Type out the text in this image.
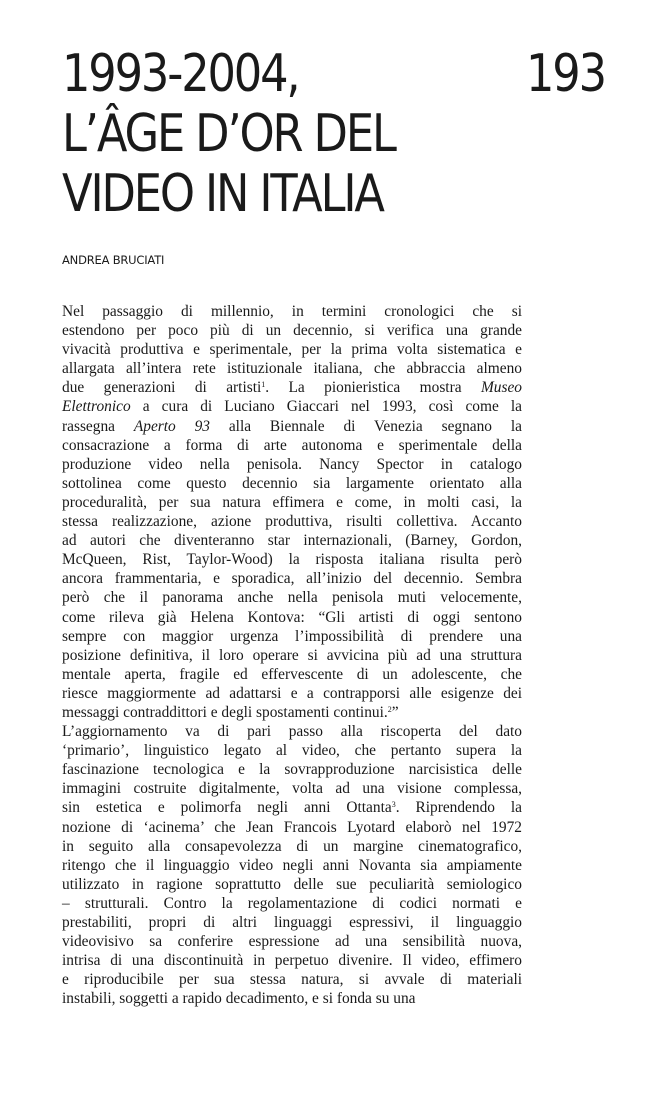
1993-2004,
L’ÂGE D’OR DEL
VIDEO IN ITALIA
193
ANDREA BRUCIATI
Nel passaggio di millennio, in termini cronologici che si
estendono per poco più di un decennio, si verifica una grande
vivacità produttiva e sperimentale, per la prima volta sistematica e
allargata all’intera rete istituzionale italiana, che abbraccia almeno
due generazioni di artisti$^1$. La pionieristica mostra Museo
Elettronico a cura di Luciano Giaccari nel 1993, così come la
rassegna Aperto 93 alla Biennale di Venezia segnano la
consacrazione a forma di arte autonoma e sperimentale della
produzione video nella penisola. Nancy Spector in catalogo
sottolinea come questo decennio sia largamente orientato alla
proceduralità, per sua natura effimera e come, in molti casi, la
stessa realizzazione, azione produttiva, risulti collettiva. Accanto
ad autori che diventeranno star internazionali, (Barney, Gordon,
McQueen, Rist, Taylor-Wood) la risposta italiana risulta però
ancora frammentaria, e sporadica, all’inizio del decennio. Sembra
però che il panorama anche nella penisola muti velocemente,
come rileva già Helena Kontova: “Gli artisti di oggi sentono
sempre con maggior urgenza l’impossibilità di prendere una
posizione definitiva, il loro operare si avvicina più ad una struttura
mentale aperta, fragile ed effervescente di un adolescente, che
riesce maggiormente ad adattarsi e a contrapporsi alle esigenze dei
messaggi contraddittori e degli spostamenti continui.$^2$”
L’aggiornamento va di pari passo alla riscoperta del dato
‘primario’, linguistico legato al video, che pertanto supera la
fascinazione tecnologica e la sovrapproduzione narcisistica delle
immagini costruite digitalmente, volta ad una visione complessa,
sin estetica e polimorfa negli anni Ottanta$^3$. Riprendendo la
nozione di ‘acinema’ che Jean Francois Lyotard elaborò nel 1972
in seguito alla consapevolezza di un margine cinematografico,
ritengo che il linguaggio video negli anni Novanta sia ampiamente
utilizzato in ragione soprattutto delle sue peculiarità semiologico
– strutturali. Contro la regolamentazione di codici normati e
prestabiliti, propri di altri linguaggi espressivi, il linguaggio
videovisivo sa conferire espressione ad una sensibilità nuova,
intrisa di una discontinuità in perpetuo divenire. Il video, effimero
e riproducibile per sua stessa natura, si avvale di materiali
instabili, soggetti a rapido decadimento, e si fonda su una
